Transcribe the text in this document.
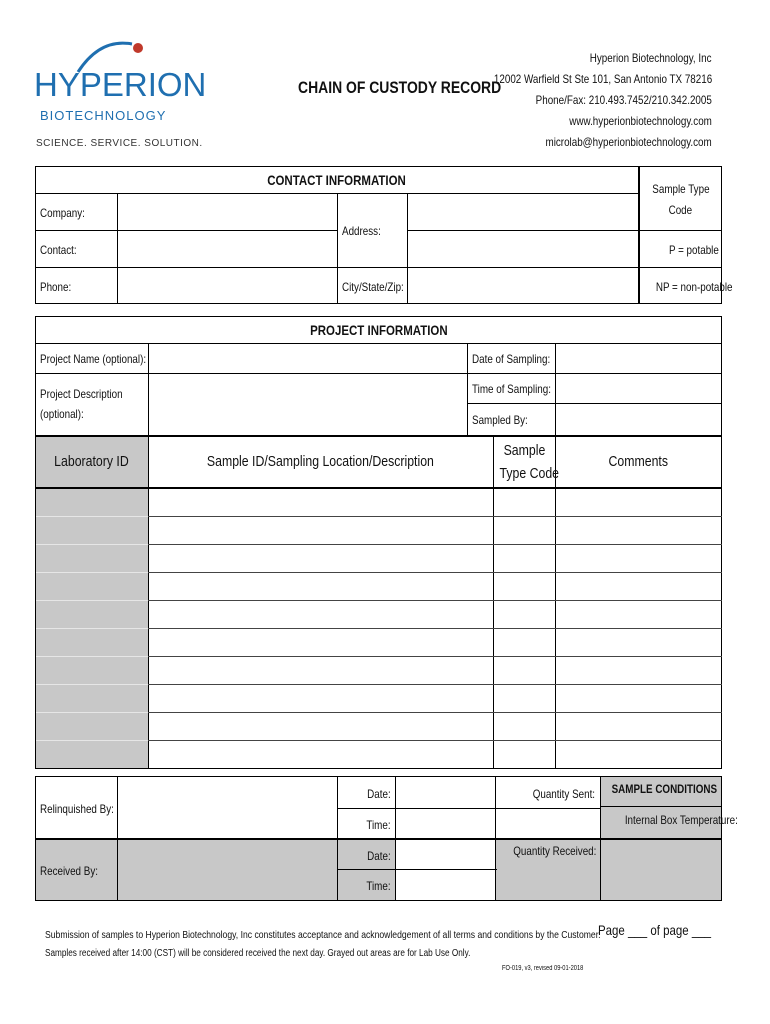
HYPERION
BIOTECHNOLOGY
SCIENCE. SERVICE. SOLUTION.
CHAIN OF CUSTODY RECORD
Hyperion Biotechnology, Inc
12002 Warfield St Ste 101, San Antonio TX 78216
Phone/Fax: 210.493.7452/210.342.2005
www.hyperionbiotechnology.com
microlab@hyperionbiotechnology.com
CONTACT INFORMATION
Company:
Contact:
Phone:
Address:
City/State/Zip:
Sample Type
Code
P = potable
NP = non-potable
PROJECT INFORMATION
Project Name (optional):
Project Description
(optional):
Date of Sampling:
Time of Sampling:
Sampled By:
Laboratory ID	Sample ID/Sampling Location/Description
Sample
Type Code
Comments
Relinquished By:
Received By:
Date:
Time:
Date:
Time:
Quantity Sent:
Quantity Received:
SAMPLE CONDITIONS
Internal Box Temperature:
Submission of samples to Hyperion Biotechnology, Inc constitutes acceptance and acknowledgement of all terms and conditions by the Customer.
Page ___ of page ___
Samples received after 14:00 (CST) will be considered received the next day. Grayed out areas are for Lab Use Only.
FO-019, v3, revised 09-01-2018
